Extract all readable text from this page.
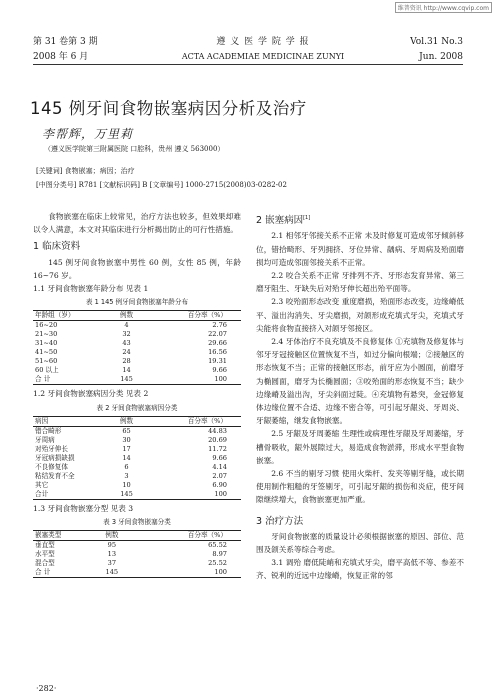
维普资讯 http://www.cqvip.com
第 31 卷第 3 期
2008 年 6 月
遵 义 医 学 院 学 报
ACTA ACADEMIAE MEDICINAE ZUNYI
Vol.31 No.3
Jun. 2008
145 例牙间食物嵌塞病因分析及治疗
李帮辉，万里莉
（遵义医学院第三附属医院 口腔科，贵州 遵义 563000）
[关键词] 食物嵌塞；病因；治疗
[中图分类号] R781 [文献标识码] B [文章编号] 1000-2715(2008)03-0282-02

食物嵌塞在临床上较常见，治疗方法也较多，但效果却难以令人满意，本文对其临床进行分析揭出防止的可行性措施。

1 临床资料

145 例牙间食物嵌塞中男性 60 例，女性 85 例，年龄 16~76 岁。

1.1 牙间食物嵌塞年龄分布 见表 1
表 1 145 例牙间食物嵌塞年龄分布
年龄组（岁）	例数	百分率（%）
16~20	4	2.76
21~30	32	22.07
31~40	43	29.66
41~50	24	16.56
51~60	28	19.31
60 以上	14	9.66
合 计	145	100
1.2 牙间食物嵌塞病因分类 见表 2
表 2 牙间食物嵌塞病因分类
病因	例数	百分率（%）
错合畸形	65	44.83
牙周病	30	20.69
对殆牙伸长	17	11.72
牙冠病损缺损	14	9.66
不良修复体	6	4.14
粘结发育不全	3	2.07
其它	10	6.90
合计	145	100
1.3 牙间食物嵌塞分型 见表 3
表 3 牙间食物嵌塞分类
嵌塞类型	例数	百分率（%）
垂直型	95	65.52
水平型	13	8.97
混合型	37	25.52
合 计	145	100
2 嵌塞病因[1]

2.1 相邻牙邻接关系不正常 未及时修复可造成邻牙倾斜移位，错拾畸形、牙列拥挤、牙位异常、龋病、牙周病及殆面磨损均可造成邻面邻接关系不正常。

2.2 咬合关系不正常 牙排列不齐、牙形态发育异常、第三磨牙阻生、牙缺失后对殆牙伸长超出殆平面等。

2.3 咬殆面形态改变 重度磨损，殆面形态改变，边缘嵴低平、溢出沟消失、牙尖磨损，对颌形成充填式牙尖，充填式牙尖能将食物直接挤入对颌牙邻接区。

2.4 牙体治疗不良充填及不良修复体 ①充填物及修复体与邻牙牙冠接触区位置恢复不当，如过分偏向根端；②接触区的形态恢复不当；正常的接触区形态，前牙应为小圆面，前磨牙为椭圆面，磨牙为长椭圆面；③咬殆面的形态恢复不当；缺少边缘嵴及溢出沟，牙尖斜面过陡。④充填物有悬突，金冠修复体边缘位置不合适、边缘不密合等，可引起牙龈炎、牙周炎、牙龈萎缩，继发食物嵌塞。

2.5 牙龈及牙周萎缩 生理性或病理性牙龈及牙周萎缩，牙槽骨吸收，龈外展隙过大，易造成食物淤滞，形成水平型食物嵌塞。

2.6 不当的剔牙习惯 使用火柴杆、发夹等剔牙缝，或长期使用制作粗糙的牙签剔牙，可引起牙龈的损伤和炎症，使牙间隙继续增大，食物嵌塞更加严重。

3 治疗方法

牙间食物嵌塞的质量设计必须根据嵌塞的原因、部位、范围及颌关系等综合考虑。

3.1 调殆 磨低陡峭和充填式牙尖，磨平高低不等、参差不齐、锐利的近远中边缘嵴，恢复正常的邻

·282·
